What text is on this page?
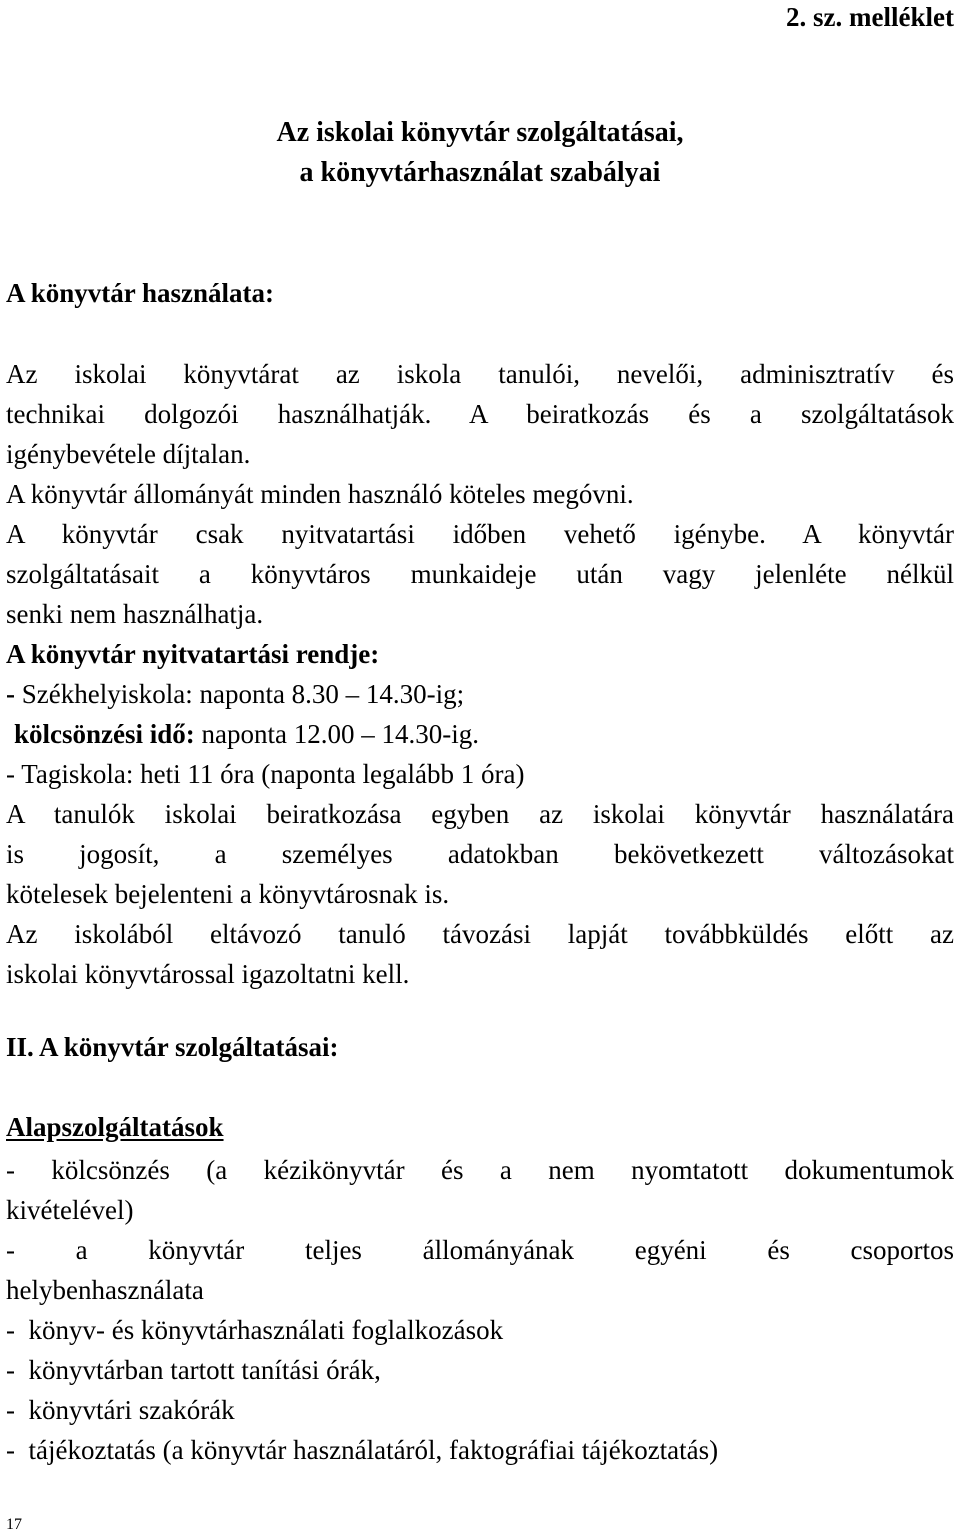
2. sz. melléklet

Az iskolai könyvtár szolgáltatásai,

a könyvtárhasználat szabályai

A könyvtár használata:

Az iskolai könyvtárat az iskola tanulói, nevelői, adminisztratív és

technikai dolgozói használhatják. A beiratkozás és a szolgáltatások

igénybevétele díjtalan.

A könyvtár állományát minden használó köteles megóvni.

A könyvtár csak nyitvatartási időben vehető igénybe. A könyvtár

szolgáltatásait a könyvtáros munkaideje után vagy jelenléte nélkül

senki nem használhatja.

A könyvtár nyitvatartási rendje:

- Székhelyiskola: naponta 8.30 – 14.30-ig;

kölcsönzési idő: naponta 12.00 – 14.30-ig.

- Tagiskola: heti 11 óra (naponta legalább 1 óra)

A tanulók iskolai beiratkozása egyben az iskolai könyvtár használatára

is jogosít, a személyes adatokban bekövetkezett változásokat

kötelesek bejelenteni a könyvtárosnak is.

Az iskolából eltávozó tanuló távozási lapját továbbküldés előtt az

iskolai könyvtárossal igazoltatni kell.

II. A könyvtár szolgáltatásai:

Alapszolgáltatások

- kölcsönzés (a kézikönyvtár és a nem nyomtatott dokumentumok

kivételével)

- a könyvtár teljes állományának egyéni és csoportos

helybenhasználata

-  könyv- és könyvtárhasználati foglalkozások

-  könyvtárban tartott tanítási órák,

-  könyvtári szakórák

-  tájékoztatás (a könyvtár használatáról, faktográfiai tájékoztatás)

17
